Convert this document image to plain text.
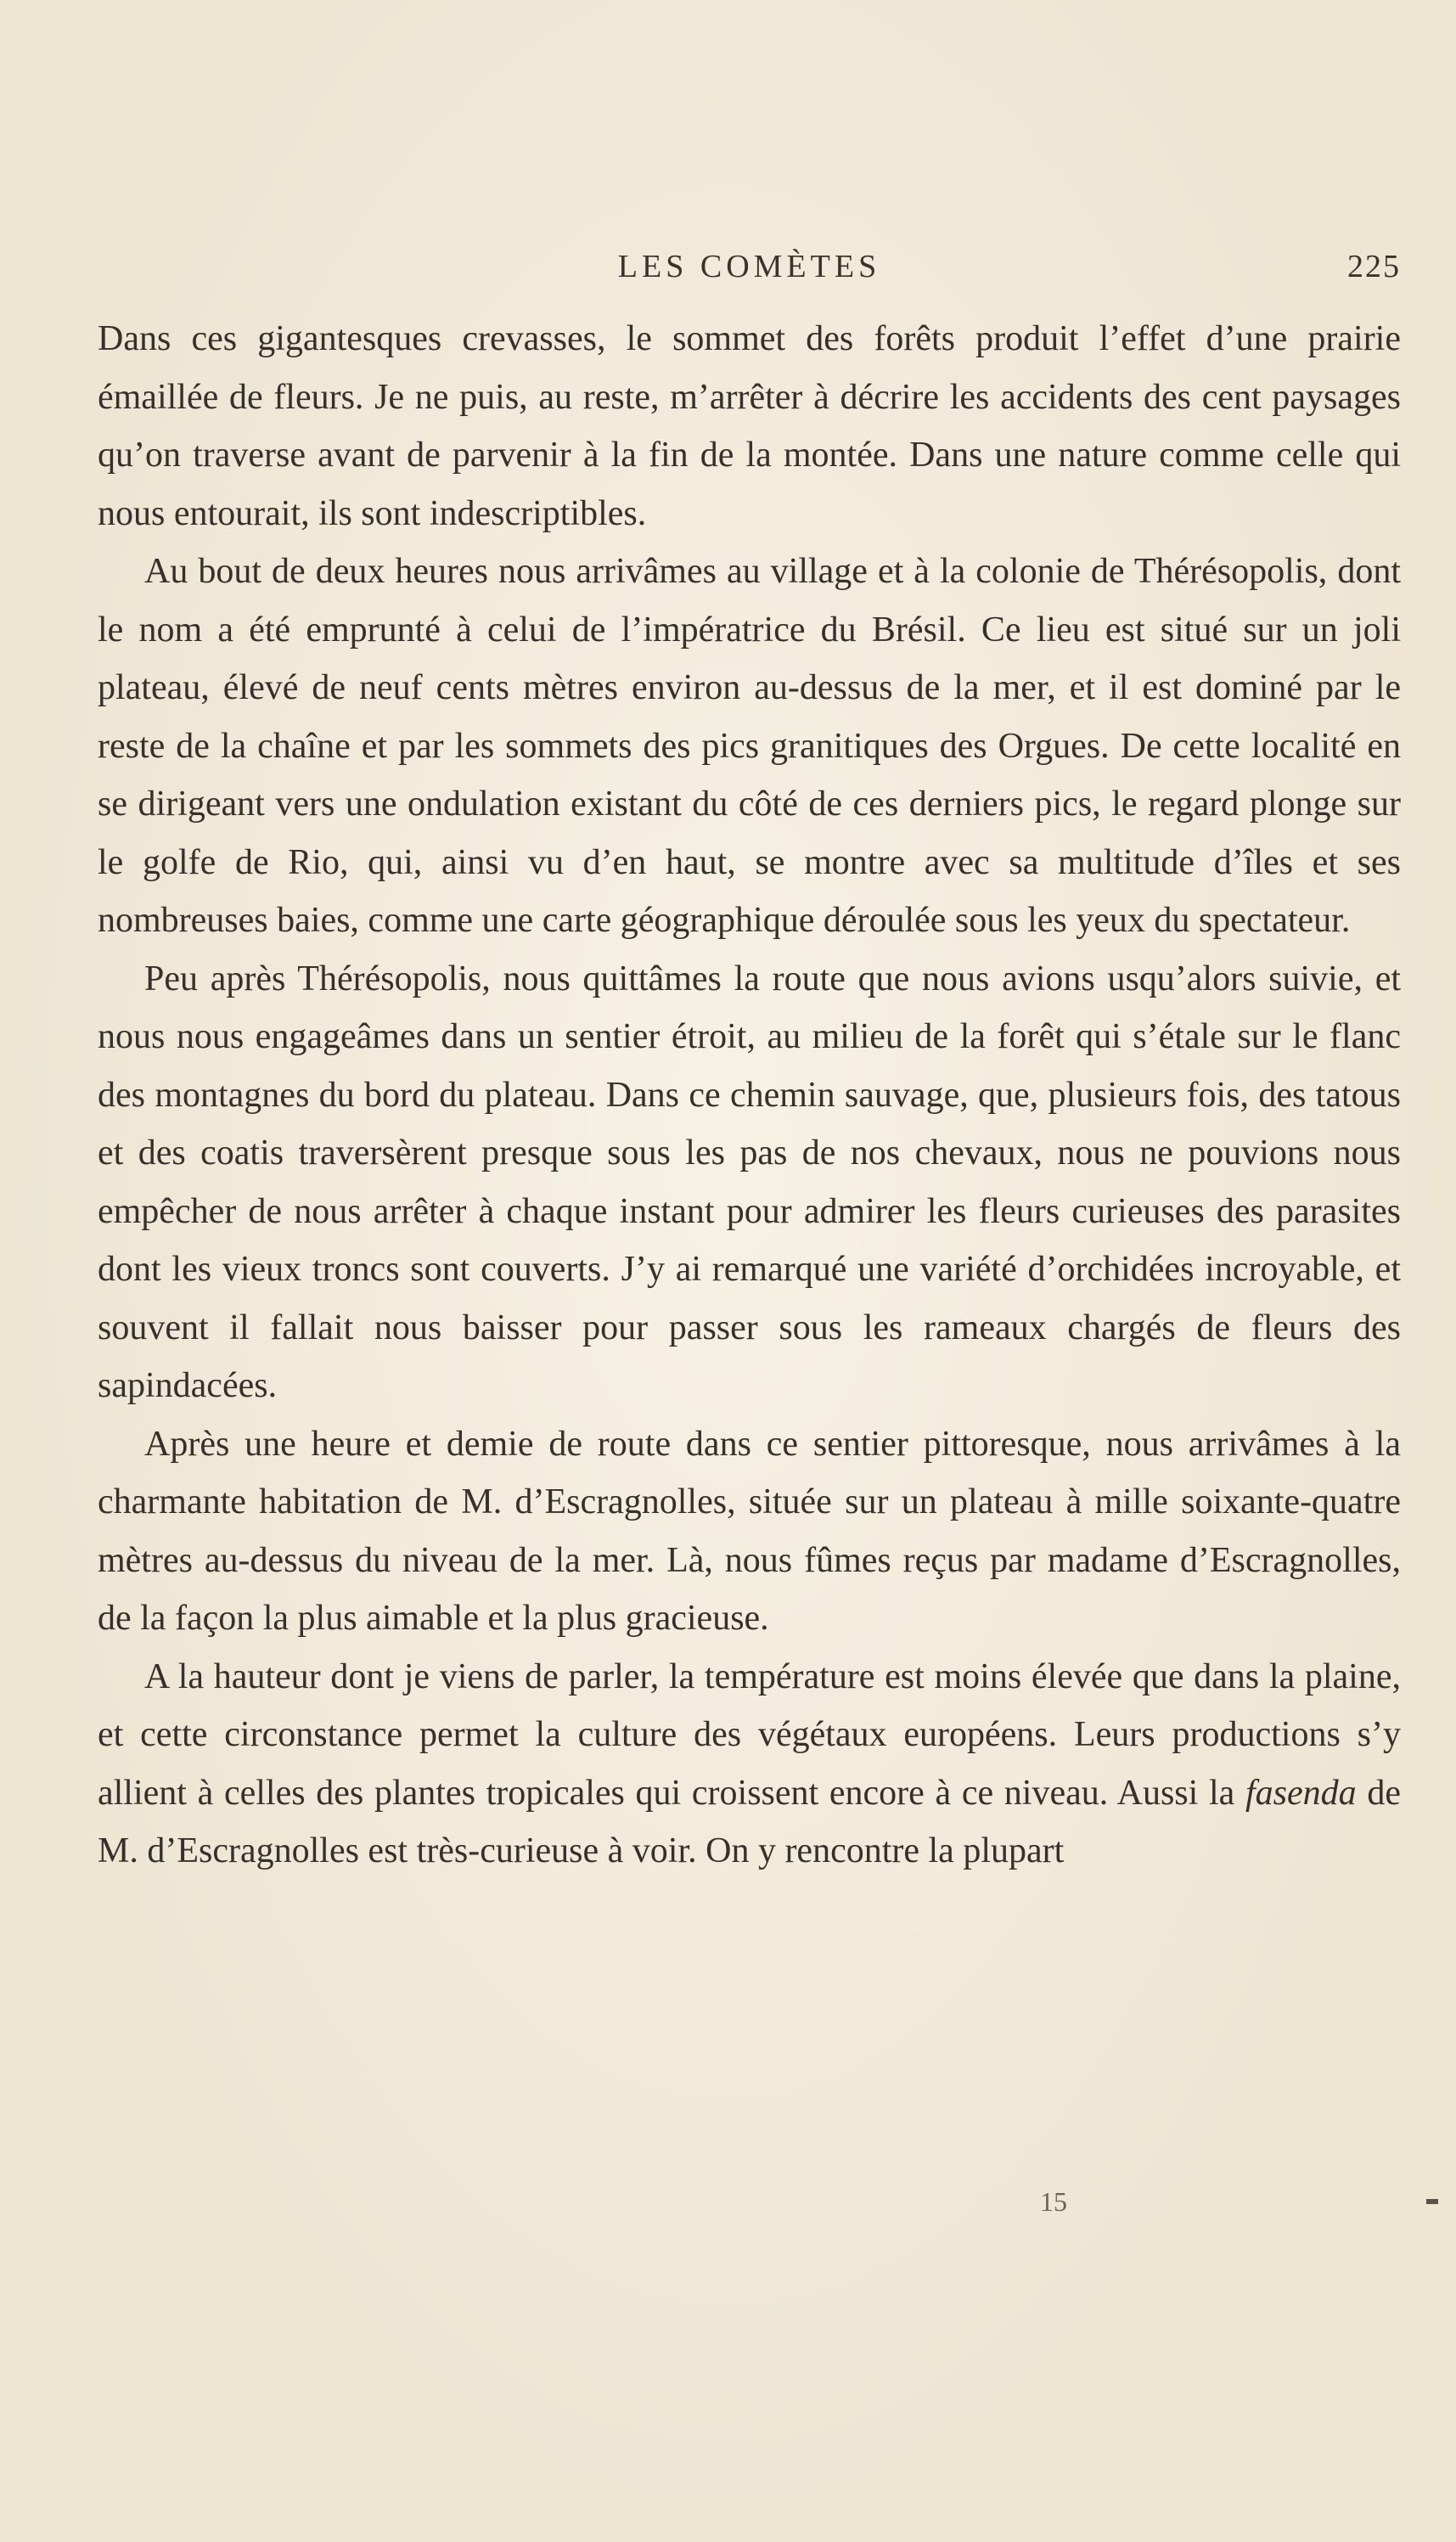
LES COMÈTES	225

Dans ces gigantesques crevasses, le sommet des forêts produit l’effet d’une prairie émaillée de fleurs. Je ne puis, au reste, m’arrêter à décrire les accidents des cent paysages qu’on traverse avant de parvenir à la fin de la montée. Dans une nature comme celle qui nous entourait, ils sont indescriptibles.

Au bout de deux heures nous arrivâmes au village et à la colonie de Thérésopolis, dont le nom a été emprunté à celui de l’impératrice du Brésil. Ce lieu est situé sur un joli plateau, élevé de neuf cents mètres environ au-dessus de la mer, et il est dominé par le reste de la chaîne et par les sommets des pics granitiques des Orgues. De cette localité en se dirigeant vers une ondulation existant du côté de ces derniers pics, le regard plonge sur le golfe de Rio, qui, ainsi vu d’en haut, se montre avec sa multitude d’îles et ses nombreuses baies, comme une carte géographique déroulée sous les yeux du spectateur.

Peu après Thérésopolis, nous quittâmes la route que nous avions usqu’alors suivie, et nous nous engageâmes dans un sentier étroit, au milieu de la forêt qui s’étale sur le flanc des montagnes du bord du plateau. Dans ce chemin sauvage, que, plusieurs fois, des tatous et des coatis traversèrent presque sous les pas de nos chevaux, nous ne pouvions nous empêcher de nous arrêter à chaque instant pour admirer les fleurs curieuses des parasites dont les vieux troncs sont couverts. J’y ai remarqué une variété d’orchidées incroyable, et souvent il fallait nous baisser pour passer sous les rameaux chargés de fleurs des sapindacées.

Après une heure et demie de route dans ce sentier pittoresque, nous arrivâmes à la charmante habitation de M. d’Escragnolles, située sur un plateau à mille soixante-quatre mètres au-dessus du niveau de la mer. Là, nous fûmes reçus par madame d’Escragnolles, de la façon la plus aimable et la plus gracieuse.

A la hauteur dont je viens de parler, la température est moins élevée que dans la plaine, et cette circonstance permet la culture des végétaux européens. Leurs productions s’y allient à celles des plantes tropicales qui croissent encore à ce niveau. Aussi la fasenda de M. d’Escragnolles est très-curieuse à voir. On y rencontre la plupart

15
